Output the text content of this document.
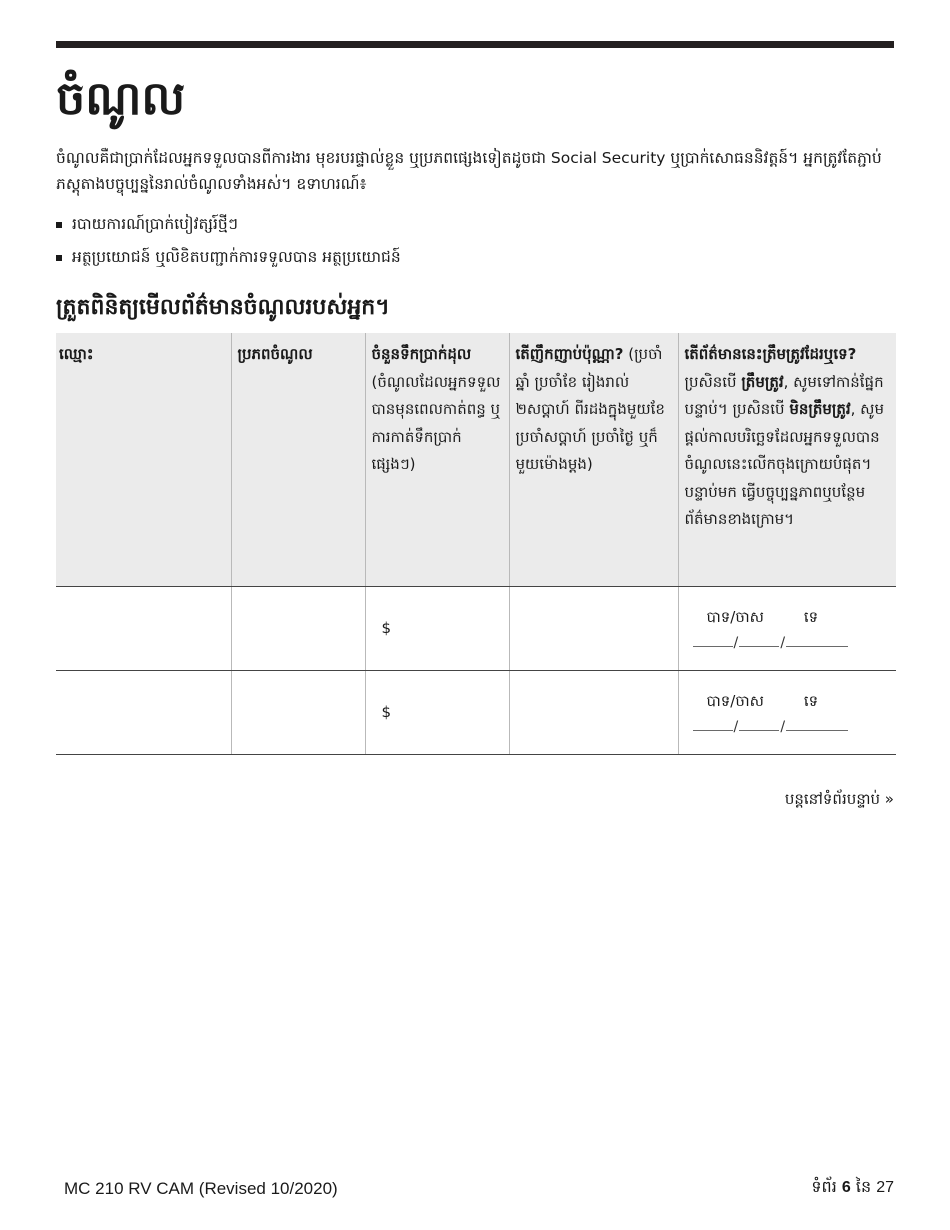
ចំណូល

ចំណូលគឺជាប្រាក់ដែលអ្នកទទួលបានពីការងារ មុខរបរផ្ទាល់ខ្លួន ឬប្រភពផ្សេងទៀតដូចជា Social Security ឬប្រាក់សោធននិវត្តន៍។ អ្នកត្រូវតែភ្ជាប់ភស្តុតាងបច្ចុប្បន្ននៃរាល់ចំណូលទាំងអស់។ ឧទាហរណ៍៖

របាយការណ៍ប្រាក់បៀវត្សរ៍ថ្មីៗ
អត្ថប្រយោជន៍ ឬលិខិតបញ្ជាក់ការទទួលបាន អត្ថប្រយោជន៍
ត្រួតពិនិត្យមើលព័ត៌មានចំណូលរបស់អ្នក។
ឈ្មោះ	ប្រភពចំណូល	ចំនួនទឹកប្រាក់ដុល (ចំណូលដែលអ្នកទទួលបានមុនពេលកាត់ពន្ធ ឬការកាត់ទឹកប្រាក់ផ្សេងៗ)	តើញឹកញាប់ប៉ុណ្ណា? (ប្រចាំឆ្នាំ ប្រចាំខែ រៀងរាល់ ២សប្តាហ៍ ពីរដងក្នុងមួយខែ ប្រចាំសប្តាហ៍ ប្រចាំថ្ងៃ ឬក៏មួយម៉ោងម្តង)	តើព័ត៌មាននេះត្រឹមត្រូវដែរឬទេ? ប្រសិនបើ ត្រឹមត្រូវ, សូមទៅកាន់ផ្នែកបន្ទាប់។ ប្រសិនបើ មិនត្រឹមត្រូវ, សូមផ្តល់កាលបរិច្ឆេទដែលអ្នកទទួលបានចំណូលនេះលើកចុងក្រោយបំផុត។ បន្ទាប់មក ធ្វើបច្ចុប្បន្នភាពឬបន្ថែមព័ត៌មានខាងក្រោម។
		$		បាទ/ចាស ទេ
/ /

		$		បាទ/ចាស ទេ
/ /
បន្តនៅទំព័របន្ទាប់ »
MC 210 RV CAM (Revised 10/2020)	ទំព័រ 6 នៃ 27
